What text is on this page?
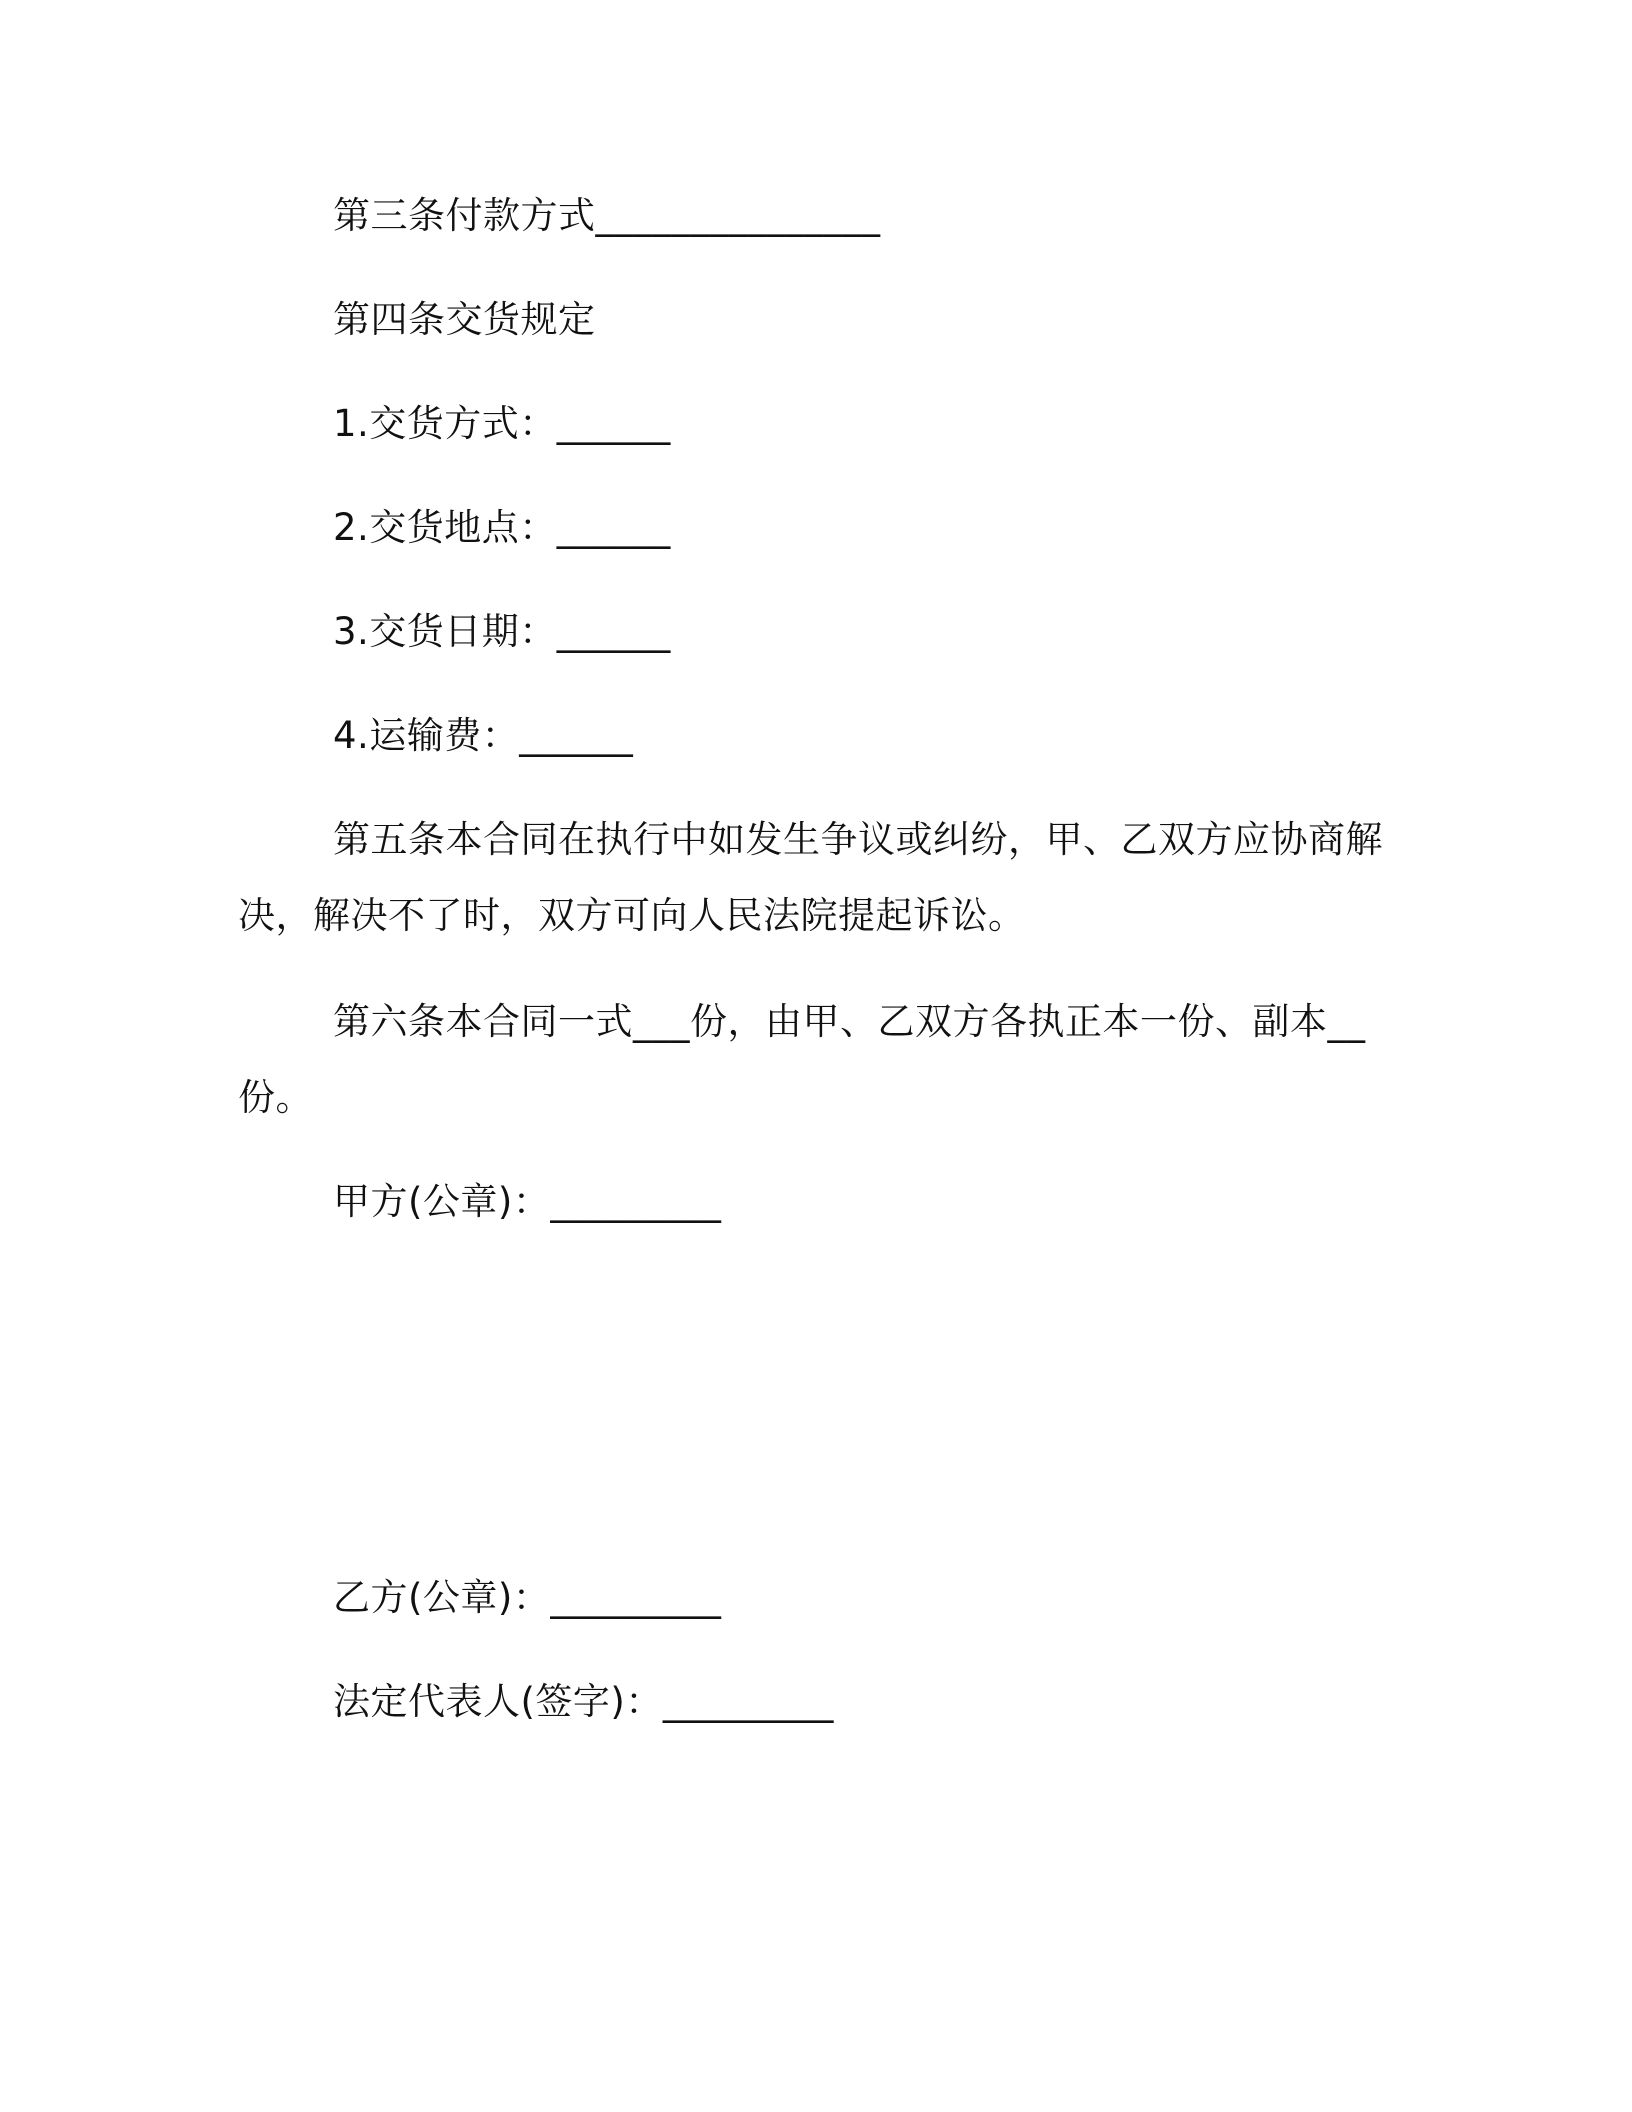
第三条付款方式_______________
第四条交货规定
1.交货方式：______
2.交货地点：______
3.交货日期：______
4.运输费：______
第五条本合同在执行中如发生争议或纠纷，甲、乙双方应协商解
决，解决不了时，双方可向人民法院提起诉讼。
第六条本合同一式___份，由甲、乙双方各执正本一份、副本__
份。
甲方(公章)：_________
乙方(公章)：_________
法定代表人(签字)：_________
